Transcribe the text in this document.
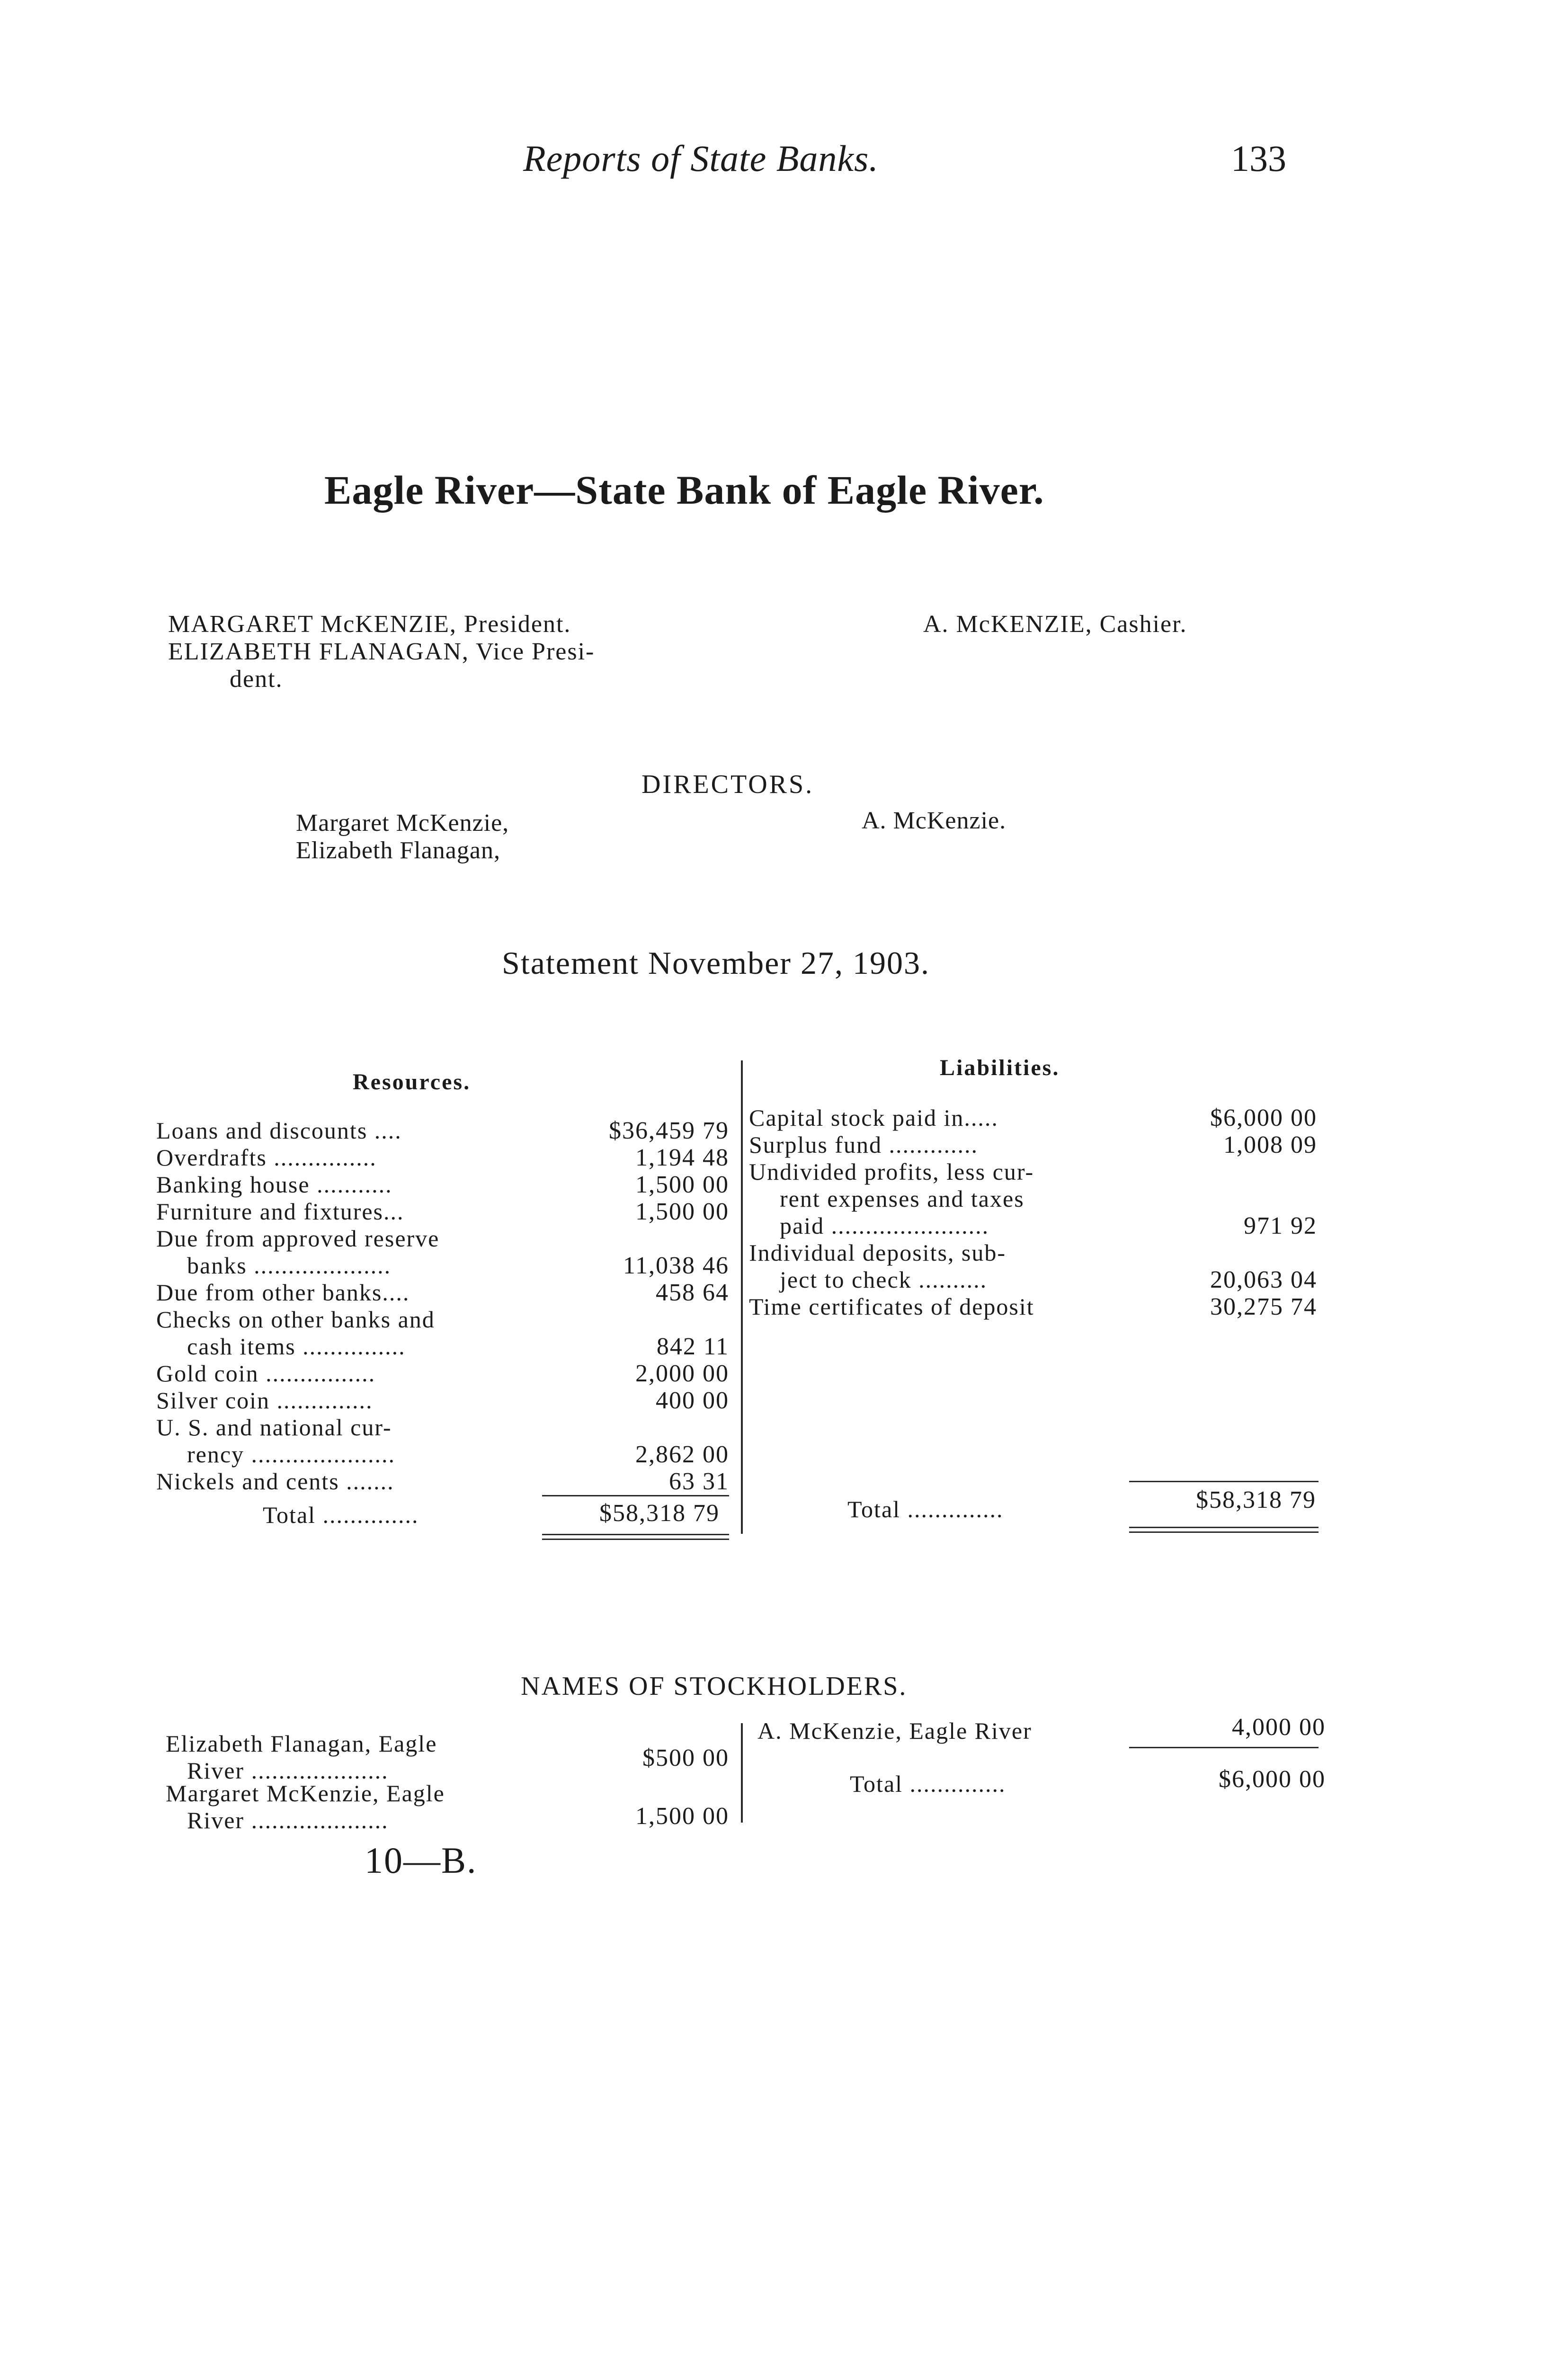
Reports of State Banks.	133
Eagle River—State Bank of Eagle River.
MARGARET McKENZIE, President.
ELIZABETH FLANAGAN, Vice Presi-
dent.
A. McKENZIE, Cashier.
DIRECTORS.
Margaret McKenzie,
Elizabeth Flanagan,
A. McKenzie.
Statement November 27, 1903.
Resources.
Liabilities.
Loans and discounts ....	$36,459 79
Overdrafts ...............	1,194 48
Banking house ...........	1,500 00
Furniture and fixtures...	1,500 00
Due from approved reserve
banks ....................	11,038 46
Due from other banks....	458 64
Checks on other banks and
cash items ...............	842 11
Gold coin ................	2,000 00
Silver coin ..............	400 00
U. S. and national cur-
rency .....................	2,862 00
Nickels and cents .......	63 31
Total ..............	$58,318 79
Capital stock paid in.....	$6,000 00
Surplus fund .............	1,008 09
Undivided profits, less cur-
rent expenses and taxes
paid .......................	971 92
Individual deposits, sub-
ject to check ..........	20,063 04
Time certificates of deposit	30,275 74
Total ..............	$58,318 79
NAMES OF STOCKHOLDERS.
Elizabeth Flanagan, Eagle
River ....................	$500 00
Margaret McKenzie, Eagle
River ....................	1,500 00
A. McKenzie, Eagle River	4,000 00
Total ..............	$6,000 00
10—B.
